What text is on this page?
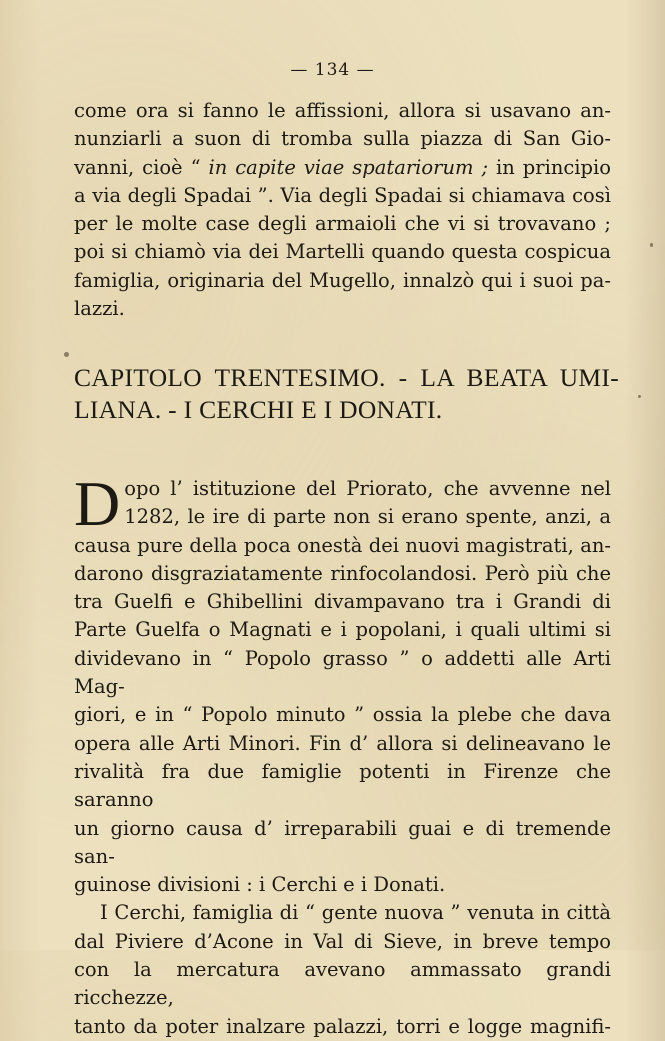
— 134 —
come ora si fanno le affissioni, allora si usavano an-
nunziarli a suon di tromba sulla piazza di San Gio-
vanni, cioè “ in capite viae spatariorum ; in principio
a via degli Spadai ”. Via degli Spadai si chiamava così
per le molte case degli armaioli che vi si trovavano ;
poi si chiamò via dei Martelli quando questa cospicua
famiglia, originaria del Mugello, innalzò qui i suoi pa-
lazzi.
CAPITOLO TRENTESIMO. - LA BEATA UMI-
LIANA. - I CERCHI E I DONATI.
D opo l’ istituzione del Priorato, che avvenne nel
1282, le ire di parte non si erano spente, anzi, a
causa pure della poca onestà dei nuovi magistrati, an-
darono disgraziatamente rinfocolandosi. Però più che
tra Guelfi e Ghibellini divampavano tra i Grandi di
Parte Guelfa o Magnati e i popolani, i quali ultimi si
dividevano in “ Popolo grasso ” o addetti alle Arti Mag-
giori, e in “ Popolo minuto ” ossia la plebe che dava
opera alle Arti Minori. Fin d’ allora si delineavano le
rivalità fra due famiglie potenti in Firenze che saranno
un giorno causa d’ irreparabili guai e di tremende san-
guinose divisioni : i Cerchi e i Donati.
I Cerchi, famiglia di “ gente nuova ” venuta in città
dal Piviere d’Acone in Val di Sieve, in breve tempo
con la mercatura avevano ammassato grandi ricchezze,
tanto da poter inalzare palazzi, torri e logge magnifi-
